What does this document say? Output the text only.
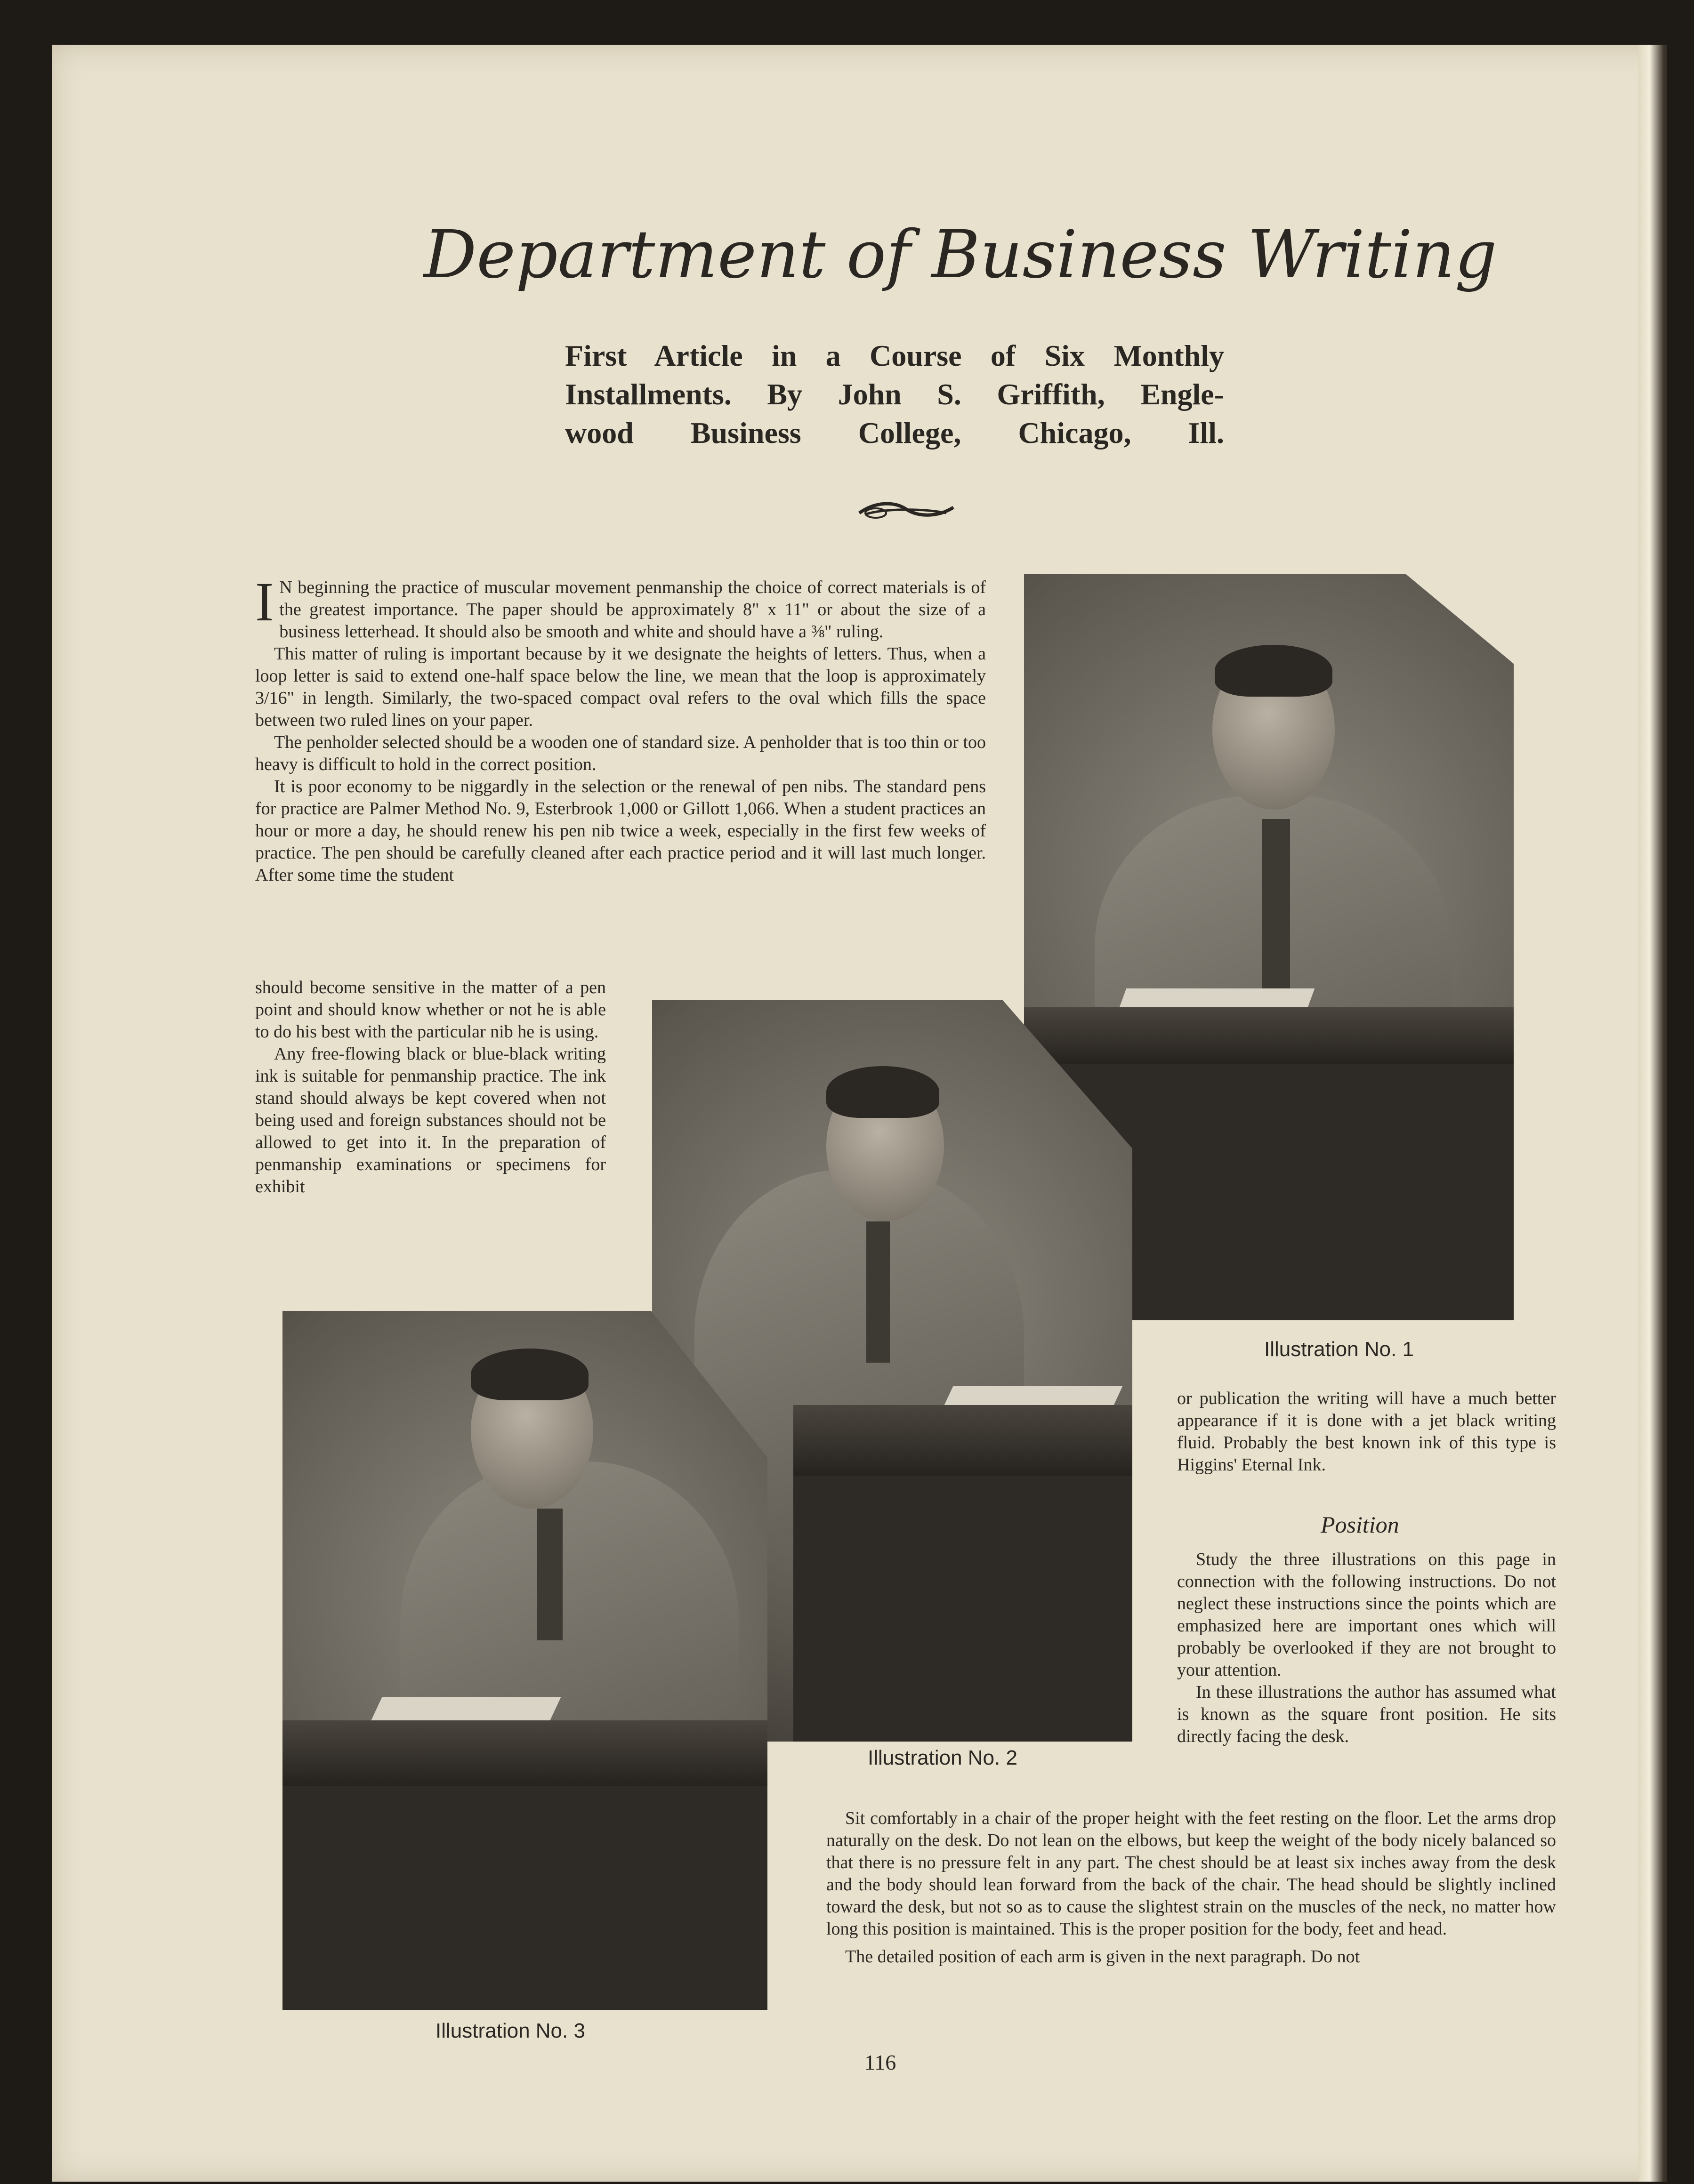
Department of Business Writing
First Article in a Course of Six Monthly
Installments. By John S. Griffith, Engle-
wood Business College, Chicago, Ill.

I N beginning the practice of muscular movement penmanship the choice of correct materials is of the greatest importance. The paper should be approximately 8" x 11" or about the size of a business letterhead. It should also be smooth and white and should have a ⅜" ruling.

This matter of ruling is important because by it we designate the heights of letters. Thus, when a loop letter is said to extend one-half space below the line, we mean that the loop is approximately 3/16" in length. Similarly, the two-spaced compact oval refers to the oval which fills the space between two ruled lines on your paper.

The penholder selected should be a wooden one of standard size. A penholder that is too thin or too heavy is difficult to hold in the correct position.

It is poor economy to be niggardly in the selection or the renewal of pen nibs. The standard pens for practice are Palmer Method No. 9, Esterbrook 1,000 or Gillott 1,066. When a student practices an hour or more a day, he should renew his pen nib twice a week, especially in the first few weeks of practice. The pen should be carefully cleaned after each practice period and it will last much longer. After some time the student

should become sensitive in the matter of a pen point and should know whether or not he is able to do his best with the particular nib he is using.

Any free-flowing black or blue-black writing ink is suitable for penmanship practice. The ink stand should always be kept covered when not being used and foreign substances should not be allowed to get into it. In the preparation of penmanship examinations or specimens for exhibit

Illustration No. 1
Illustration No. 2
Illustration No. 3

or publication the writing will have a much better appearance if it is done with a jet black writing fluid. Probably the best known ink of this type is Higgins' Eternal Ink.

Position

Study the three illustrations on this page in connection with the following instructions. Do not neglect these instructions since the points which are emphasized here are important ones which will probably be overlooked if they are not brought to your attention.

In these illustrations the author has assumed what is known as the square front position. He sits directly facing the desk.

Sit comfortably in a chair of the proper height with the feet resting on the floor. Let the arms drop naturally on the desk. Do not lean on the elbows, but keep the weight of the body nicely balanced so that there is no pressure felt in any part. The chest should be at least six inches away from the desk and the body should lean forward from the back of the chair. The head should be slightly inclined toward the desk, but not so as to cause the slightest strain on the muscles of the neck, no matter how long this position is maintained. This is the proper position for the body, feet and head.

The detailed position of each arm is given in the next paragraph. Do not

116
